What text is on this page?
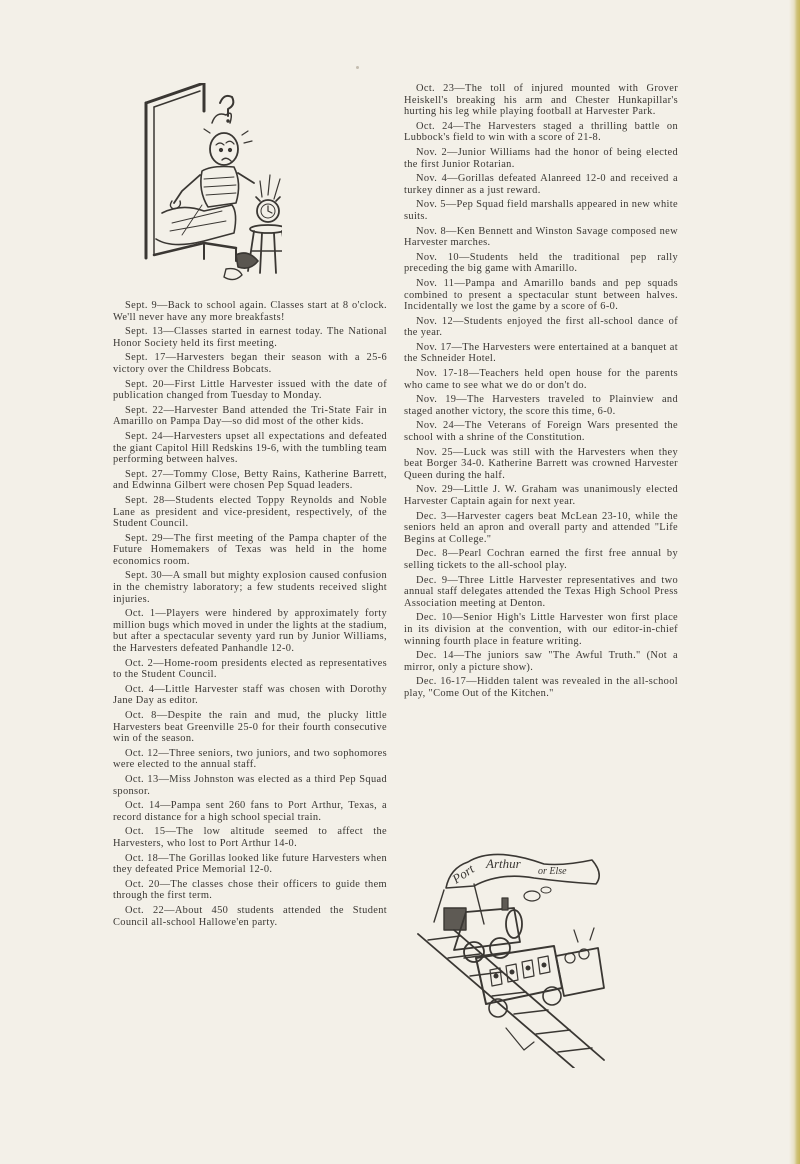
Port Arthur
or Else

Sept. 9—Back to school again. Classes start at 8 o'clock. We'll never have any more breakfasts!

Sept. 13—Classes started in earnest today. The National Honor Society held its first meeting.

Sept. 17—Harvesters began their season with a 25-6 victory over the Childress Bobcats.

Sept. 20—First Little Harvester issued with the date of publication changed from Tuesday to Monday.

Sept. 22—Harvester Band attended the Tri-State Fair in Amarillo on Pampa Day—so did most of the other kids.

Sept. 24—Harvesters upset all expectations and defeated the giant Capitol Hill Redskins 19-6, with the tumbling team performing between halves.

Sept. 27—Tommy Close, Betty Rains, Katherine Barrett, and Edwinna Gilbert were chosen Pep Squad leaders.

Sept. 28—Students elected Toppy Reynolds and Noble Lane as president and vice-president, respectively, of the Student Council.

Sept. 29—The first meeting of the Pampa chapter of the Future Homemakers of Texas was held in the home economics room.

Sept. 30—A small but mighty explosion caused confusion in the chemistry laboratory; a few students received slight injuries.

Oct. 1—Players were hindered by approximately forty million bugs which moved in under the lights at the stadium, but after a spectacular seventy yard run by Junior Williams, the Harvesters defeated Panhandle 12-0.

Oct. 2—Home-room presidents elected as representatives to the Student Council.

Oct. 4—Little Harvester staff was chosen with Dorothy Jane Day as editor.

Oct. 8—Despite the rain and mud, the plucky little Harvesters beat Greenville 25-0 for their fourth consecutive win of the season.

Oct. 12—Three seniors, two juniors, and two sophomores were elected to the annual staff.

Oct. 13—Miss Johnston was elected as a third Pep Squad sponsor.

Oct. 14—Pampa sent 260 fans to Port Arthur, Texas, a record distance for a high school special train.

Oct. 15—The low altitude seemed to affect the Harvesters, who lost to Port Arthur 14-0.

Oct. 18—The Gorillas looked like future Harvesters when they defeated Price Memorial 12-0.

Oct. 20—The classes chose their officers to guide them through the first term.

Oct. 22—About 450 students attended the Student Council all-school Hallowe'en party.

Oct. 23—The toll of injured mounted with Grover Heiskell's breaking his arm and Chester Hunkapillar's hurting his leg while playing football at Harvester Park.

Oct. 24—The Harvesters staged a thrilling battle on Lubbock's field to win with a score of 21-8.

Nov. 2—Junior Williams had the honor of being elected the first Junior Rotarian.

Nov. 4—Gorillas defeated Alanreed 12-0 and received a turkey dinner as a just reward.

Nov. 5—Pep Squad field marshalls appeared in new white suits.

Nov. 8—Ken Bennett and Winston Savage composed new Harvester marches.

Nov. 10—Students held the traditional pep rally preceding the big game with Amarillo.

Nov. 11—Pampa and Amarillo bands and pep squads combined to present a spectacular stunt between halves. Incidentally we lost the game by a score of 6-0.

Nov. 12—Students enjoyed the first all-school dance of the year.

Nov. 17—The Harvesters were entertained at a banquet at the Schneider Hotel.

Nov. 17-18—Teachers held open house for the parents who came to see what we do or don't do.

Nov. 19—The Harvesters traveled to Plainview and staged another victory, the score this time, 6-0.

Nov. 24—The Veterans of Foreign Wars presented the school with a shrine of the Constitution.

Nov. 25—Luck was still with the Harvesters when they beat Borger 34-0. Katherine Barrett was crowned Harvester Queen during the half.

Nov. 29—Little J. W. Graham was unanimously elected Harvester Captain again for next year.

Dec. 3—Harvester cagers beat McLean 23-10, while the seniors held an apron and overall party and attended "Life Begins at College."

Dec. 8—Pearl Cochran earned the first free annual by selling tickets to the all-school play.

Dec. 9—Three Little Harvester representatives and two annual staff delegates attended the Texas High School Press Association meeting at Denton.

Dec. 10—Senior High's Little Harvester won first place in its division at the convention, with our editor-in-chief winning fourth place in feature writing.

Dec. 14—The juniors saw "The Awful Truth." (Not a mirror, only a picture show).

Dec. 16-17—Hidden talent was revealed in the all-school play, "Come Out of the Kitchen."
